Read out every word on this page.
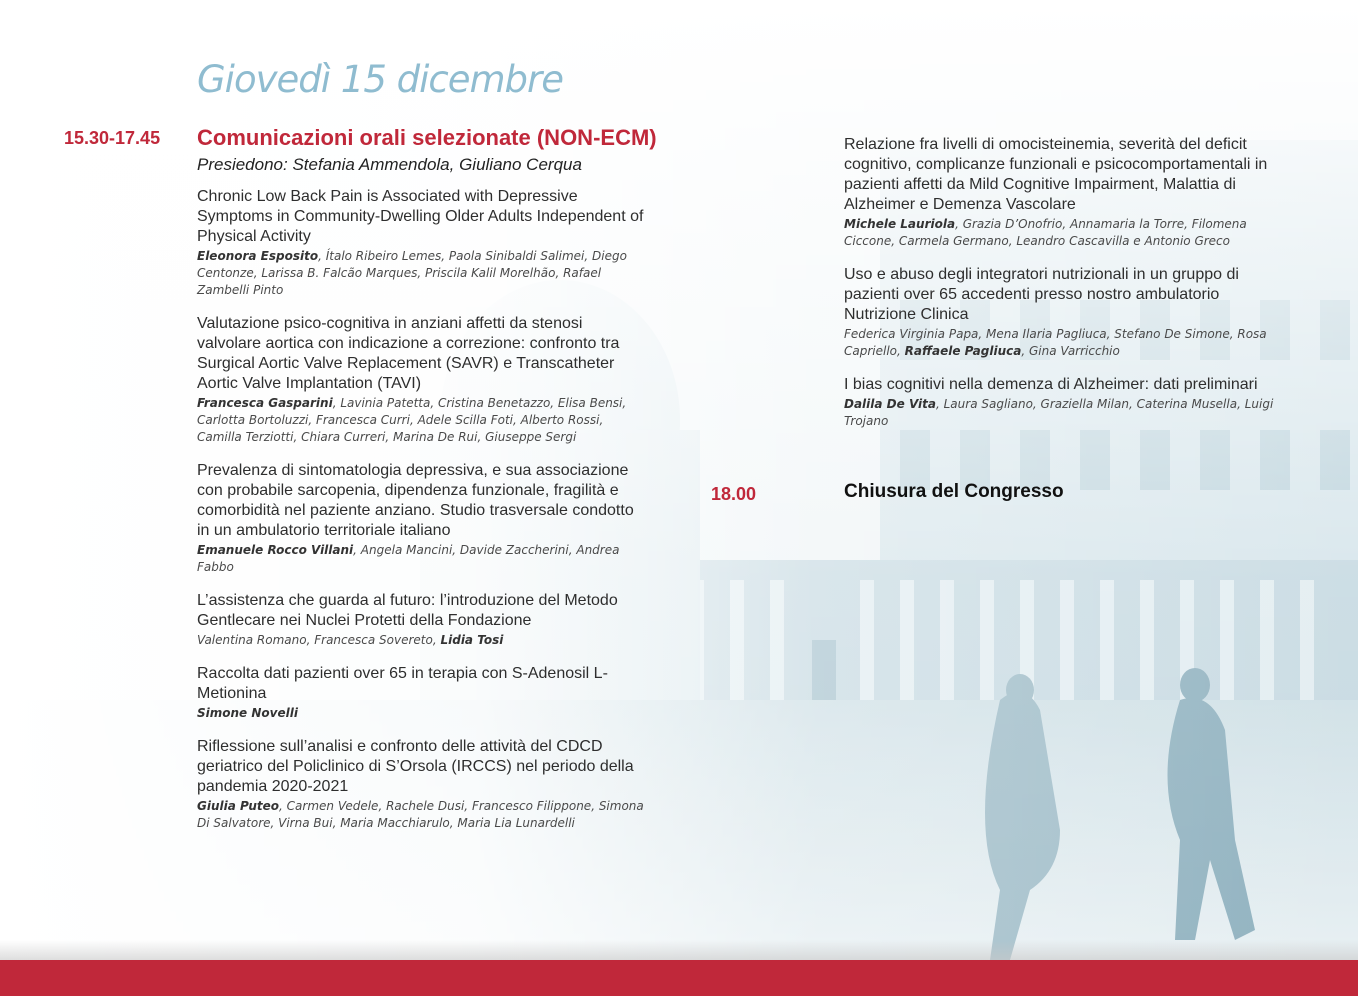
Giovedì 15 dicembre
15.30-17.45 Comunicazioni orali selezionate (NON-ECM)
Presiedono: Stefania Ammendola, Giuliano Cerqua
Chronic Low Back Pain is Associated with Depressive Symptoms in Community-Dwelling Older Adults Independent of Physical Activity
Eleonora Esposito, Ítalo Ribeiro Lemes, Paola Sinibaldi Salimei, Diego Centonze, Larissa B. Falcão Marques, Priscila Kalil Morelhão, Rafael Zambelli Pinto
Valutazione psico-cognitiva in anziani affetti da stenosi valvolare aortica con indicazione a correzione: confronto tra Surgical Aortic Valve Replacement (SAVR) e Transcatheter Aortic Valve Implantation (TAVI)
Francesca Gasparini, Lavinia Patetta, Cristina Benetazzo, Elisa Bensi, Carlotta Bortoluzzi, Francesca Curri, Adele Scilla Foti, Alberto Rossi, Camilla Terziotti, Chiara Curreri, Marina De Rui, Giuseppe Sergi
Prevalenza di sintomatologia depressiva, e sua associazione con probabile sarcopenia, dipendenza funzionale, fragilità e comorbidità nel paziente anziano. Studio trasversale condotto in un ambulatorio territoriale italiano
Emanuele Rocco Villani, Angela Mancini, Davide Zaccherini, Andrea Fabbo
L’assistenza che guarda al futuro: l’introduzione del Metodo Gentlecare nei Nuclei Protetti della Fondazione
Valentina Romano, Francesca Sovereto, Lidia Tosi
Raccolta dati pazienti over 65 in terapia con S-Adenosil L-Metionina
Simone Novelli
Riflessione sull’analisi e confronto delle attività del CDCD geriatrico del Policlinico di S’Orsola (IRCCS) nel periodo della pandemia 2020-2021
Giulia Puteo, Carmen Vedele, Rachele Dusi, Francesco Filippone, Simona Di Salvatore, Virna Bui, Maria Macchiarulo, Maria Lia Lunardelli
Relazione fra livelli di omocisteinemia, severità del deficit cognitivo, complicanze funzionali e psicocomportamentali in pazienti affetti da Mild Cognitive Impairment, Malattia di Alzheimer e Demenza Vascolare
Michele Lauriola, Grazia D’Onofrio, Annamaria la Torre, Filomena Ciccone, Carmela Germano, Leandro Cascavilla e Antonio Greco
Uso e abuso degli integratori nutrizionali in un gruppo di pazienti over 65 accedenti presso nostro ambulatorio Nutrizione Clinica
Federica Virginia Papa, Mena Ilaria Pagliuca, Stefano De Simone, Rosa Capriello, Raffaele Pagliuca, Gina Varricchio
I bias cognitivi nella demenza di Alzheimer: dati preliminari
Dalila De Vita, Laura Sagliano, Graziella Milan, Caterina Musella, Luigi Trojano
18.00	Chiusura del Congresso
